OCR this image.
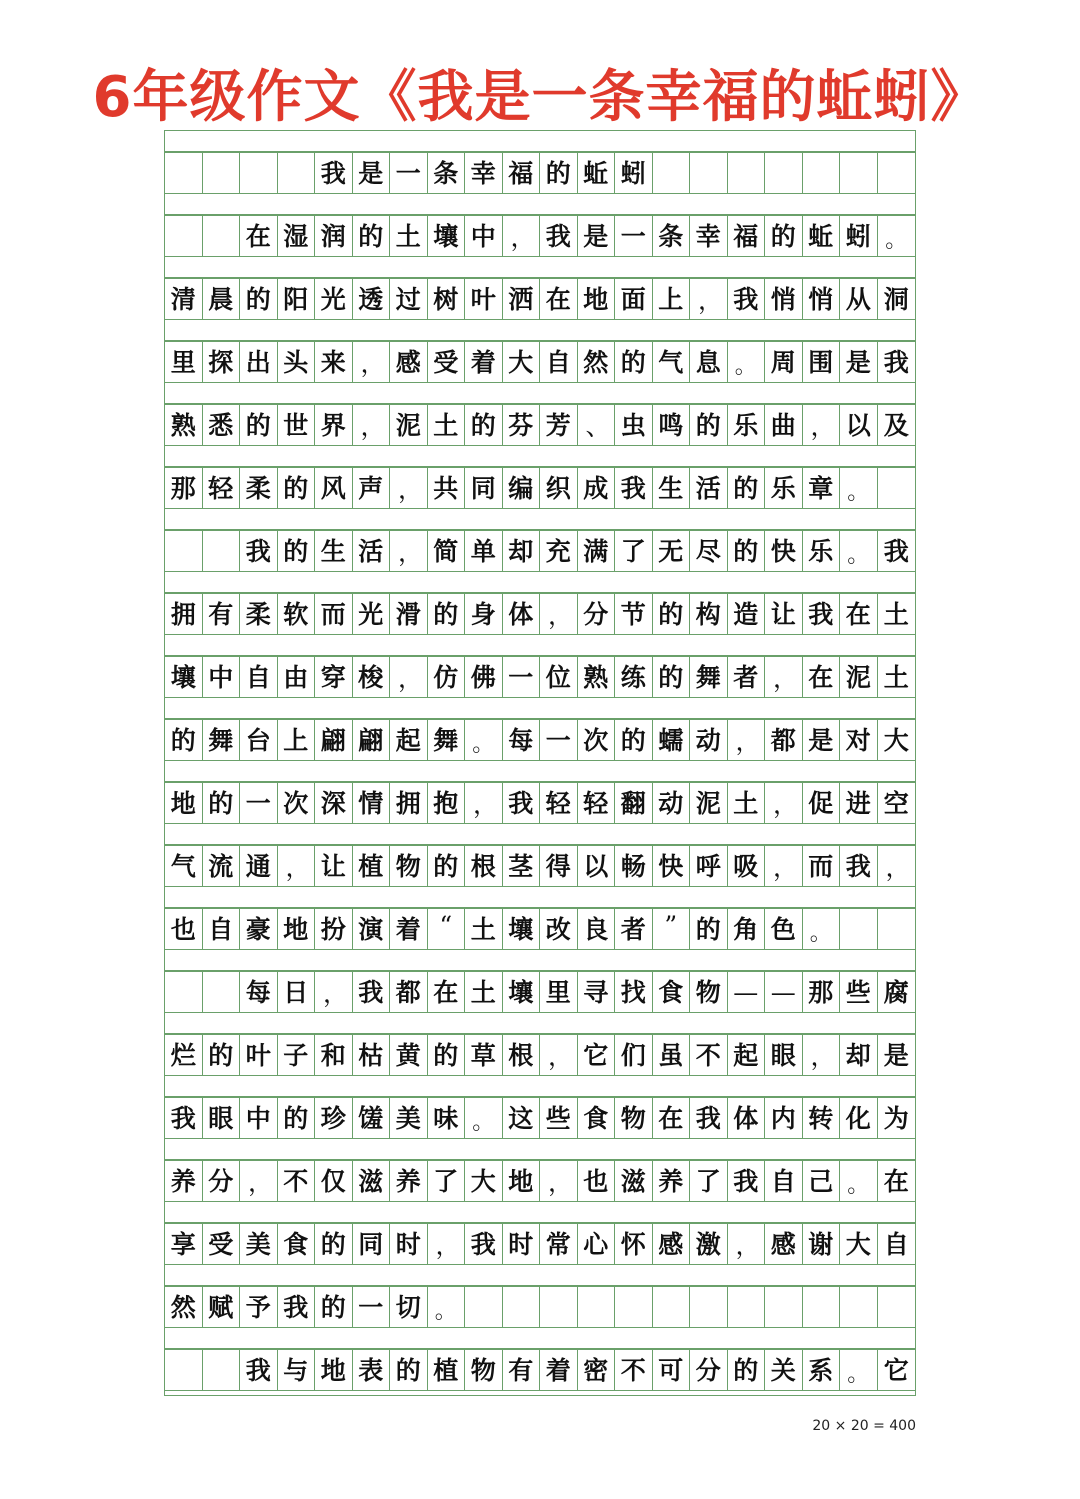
6年级作文《我是一条幸福的蚯蚓》
我 是 一 条 幸 福 的 蚯 蚓
在 湿 润 的 土 壤 中 ， 我 是 一 条 幸 福 的 蚯 蚓 。
清 晨 的 阳 光 透 过 树 叶 洒 在 地 面 上 ， 我 悄 悄 从 洞
里 探 出 头 来 ， 感 受 着 大 自 然 的 气 息 。 周 围 是 我
熟 悉 的 世 界 ， 泥 土 的 芬 芳 、 虫 鸣 的 乐 曲 ， 以 及
那 轻 柔 的 风 声 ， 共 同 编 织 成 我 生 活 的 乐 章 。
我 的 生 活 ， 简 单 却 充 满 了 无 尽 的 快 乐 。 我
拥 有 柔 软 而 光 滑 的 身 体 ， 分 节 的 构 造 让 我 在 土
壤 中 自 由 穿 梭 ， 仿 佛 一 位 熟 练 的 舞 者 ， 在 泥 土
的 舞 台 上 翩 翩 起 舞 。 每 一 次 的 蠕 动 ， 都 是 对 大
地 的 一 次 深 情 拥 抱 ， 我 轻 轻 翻 动 泥 土 ， 促 进 空
气 流 通 ， 让 植 物 的 根 茎 得 以 畅 快 呼 吸 ， 而 我 ，
也 自 豪 地 扮 演 着 “ 土 壤 改 良 者 ” 的 角 色 。
每 日 ， 我 都 在 土 壤 里 寻 找 食 物 — — 那 些 腐
烂 的 叶 子 和 枯 黄 的 草 根 ， 它 们 虽 不 起 眼 ， 却 是
我 眼 中 的 珍 馐 美 味 。 这 些 食 物 在 我 体 内 转 化 为
养 分 ， 不 仅 滋 养 了 大 地 ， 也 滋 养 了 我 自 己 。 在
享 受 美 食 的 同 时 ， 我 时 常 心 怀 感 激 ， 感 谢 大 自
然 赋 予 我 的 一 切 。
我 与 地 表 的 植 物 有 着 密 不 可 分 的 关 系 。 它
20 × 20 = 400
